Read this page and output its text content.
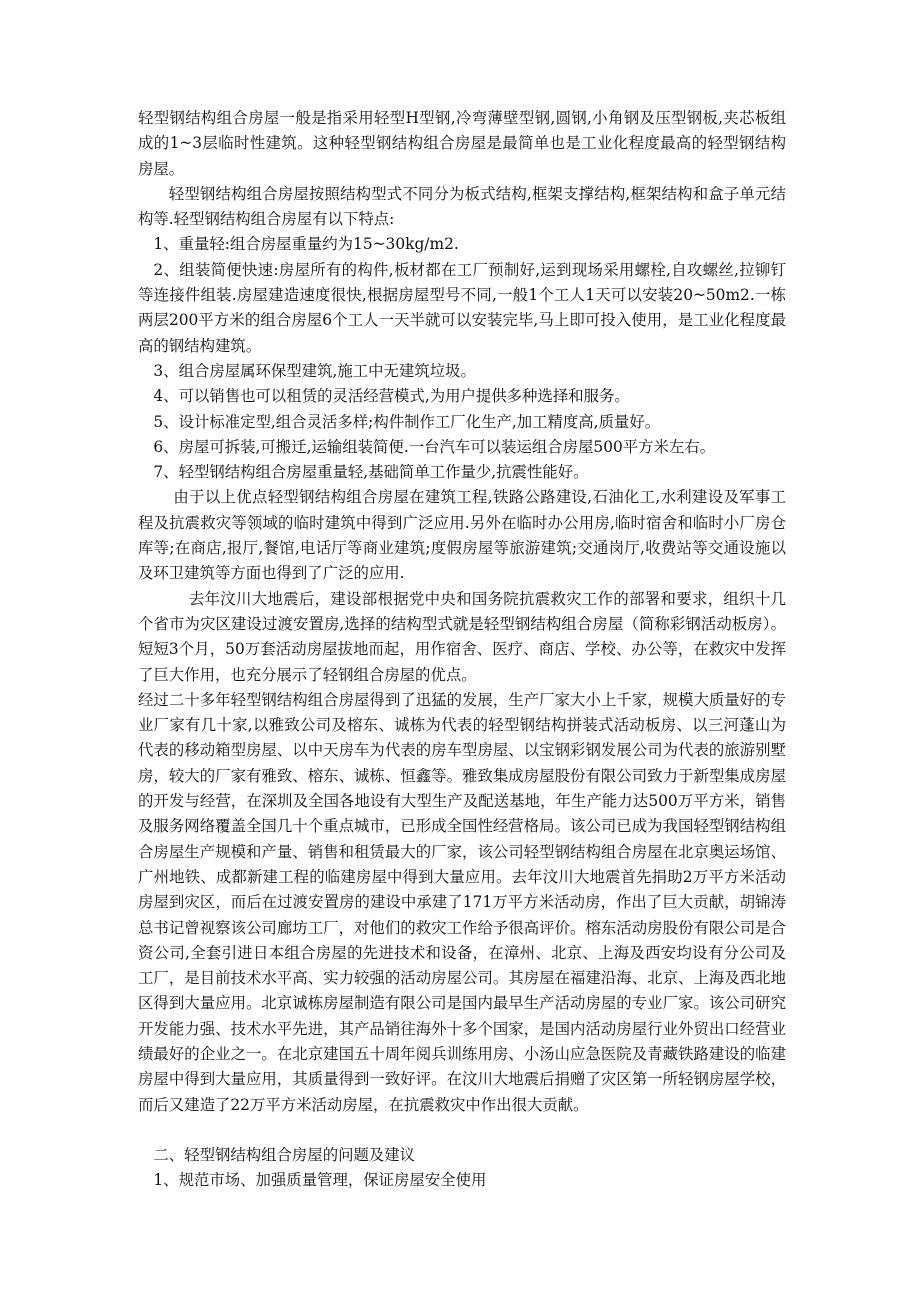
轻型钢结构组合房屋一般是指采用轻型H型钢,冷弯薄壁型钢,圆钢,小角钢及压型钢板,夹芯板组成的1~3层临时性建筑。这种轻型钢结构组合房屋是最简单也是工业化程度最高的轻型钢结构房屋。

轻型钢结构组合房屋按照结构型式不同分为板式结构,框架支撑结构,框架结构和盒子单元结构等.轻型钢结构组合房屋有以下特点:

1、重量轻:组合房屋重量约为15~30kg/m2.

2、组装简便快速:房屋所有的构件,板材都在工厂预制好,运到现场采用螺栓,自攻螺丝,拉铆钉等连接件组装.房屋建造速度很快,根据房屋型号不同,一般1个工人1天可以安装20~50m2.一栋两层200平方米的组合房屋6个工人一天半就可以安装完毕,马上即可投入使用，是工业化程度最高的钢结构建筑。

3、组合房屋属环保型建筑,施工中无建筑垃圾。

4、可以销售也可以租赁的灵活经营模式,为用户提供多种选择和服务。

5、设计标准定型,组合灵活多样;构件制作工厂化生产,加工精度高,质量好。

6、房屋可拆装,可搬迁,运输组装简便.一台汽车可以装运组合房屋500平方米左右。

7、轻型钢结构组合房屋重量轻,基础简单工作量少,抗震性能好。

由于以上优点轻型钢结构组合房屋在建筑工程,铁路公路建设,石油化工,水利建设及军事工程及抗震救灾等领域的临时建筑中得到广泛应用.另外在临时办公用房,临时宿舍和临时小厂房仓库等;在商店,报厅,餐馆,电话厅等商业建筑;度假房屋等旅游建筑;交通岗厅,收费站等交通设施以及环卫建筑等方面也得到了广泛的应用.

去年汶川大地震后，建设部根据党中央和国务院抗震救灾工作的部署和要求，组织十几个省市为灾区建设过渡安置房,选择的结构型式就是轻型钢结构组合房屋（简称彩钢活动板房）。短短3个月，50万套活动房屋拔地而起，用作宿舍、医疗、商店、学校、办公等，在救灾中发挥了巨大作用，也充分展示了轻钢组合房屋的优点。

经过二十多年轻型钢结构组合房屋得到了迅猛的发展，生产厂家大小上千家，规模大质量好的专业厂家有几十家,以雅致公司及榕东、诚栋为代表的轻型钢结构拼装式活动板房、以三河蓬山为代表的移动箱型房屋、以中天房车为代表的房车型房屋、以宝钢彩钢发展公司为代表的旅游别墅房，较大的厂家有雅致、榕东、诚栋、恒鑫等。雅致集成房屋股份有限公司致力于新型集成房屋的开发与经营，在深圳及全国各地设有大型生产及配送基地，年生产能力达500万平方米，销售及服务网络覆盖全国几十个重点城市，已形成全国性经营格局。该公司已成为我国轻型钢结构组合房屋生产规模和产量、销售和租赁最大的厂家，该公司轻型钢结构组合房屋在北京奥运场馆、广州地铁、成都新建工程的临建房屋中得到大量应用。去年汶川大地震首先捐助2万平方米活动房屋到灾区，而后在过渡安置房的建设中承建了171万平方米活动房，作出了巨大贡献，胡锦涛总书记曾视察该公司廊坊工厂，对他们的救灾工作给予很高评价。榕东活动房股份有限公司是合资公司,全套引进日本组合房屋的先进技术和设备，在漳州、北京、上海及西安均设有分公司及工厂，是目前技术水平高、实力较强的活动房屋公司。其房屋在福建沿海、北京、上海及西北地区得到大量应用。北京诚栋房屋制造有限公司是国内最早生产活动房屋的专业厂家。该公司研究开发能力强、技术水平先进，其产品销往海外十多个国家，是国内活动房屋行业外贸出口经营业绩最好的企业之一。在北京建国五十周年阅兵训练用房、小汤山应急医院及青藏铁路建设的临建房屋中得到大量应用，其质量得到一致好评。在汶川大地震后捐赠了灾区第一所轻钢房屋学校，而后又建造了22万平方米活动房屋，在抗震救灾中作出很大贡献。

二、轻型钢结构组合房屋的问题及建议

1、规范市场、加强质量管理，保证房屋安全使用
